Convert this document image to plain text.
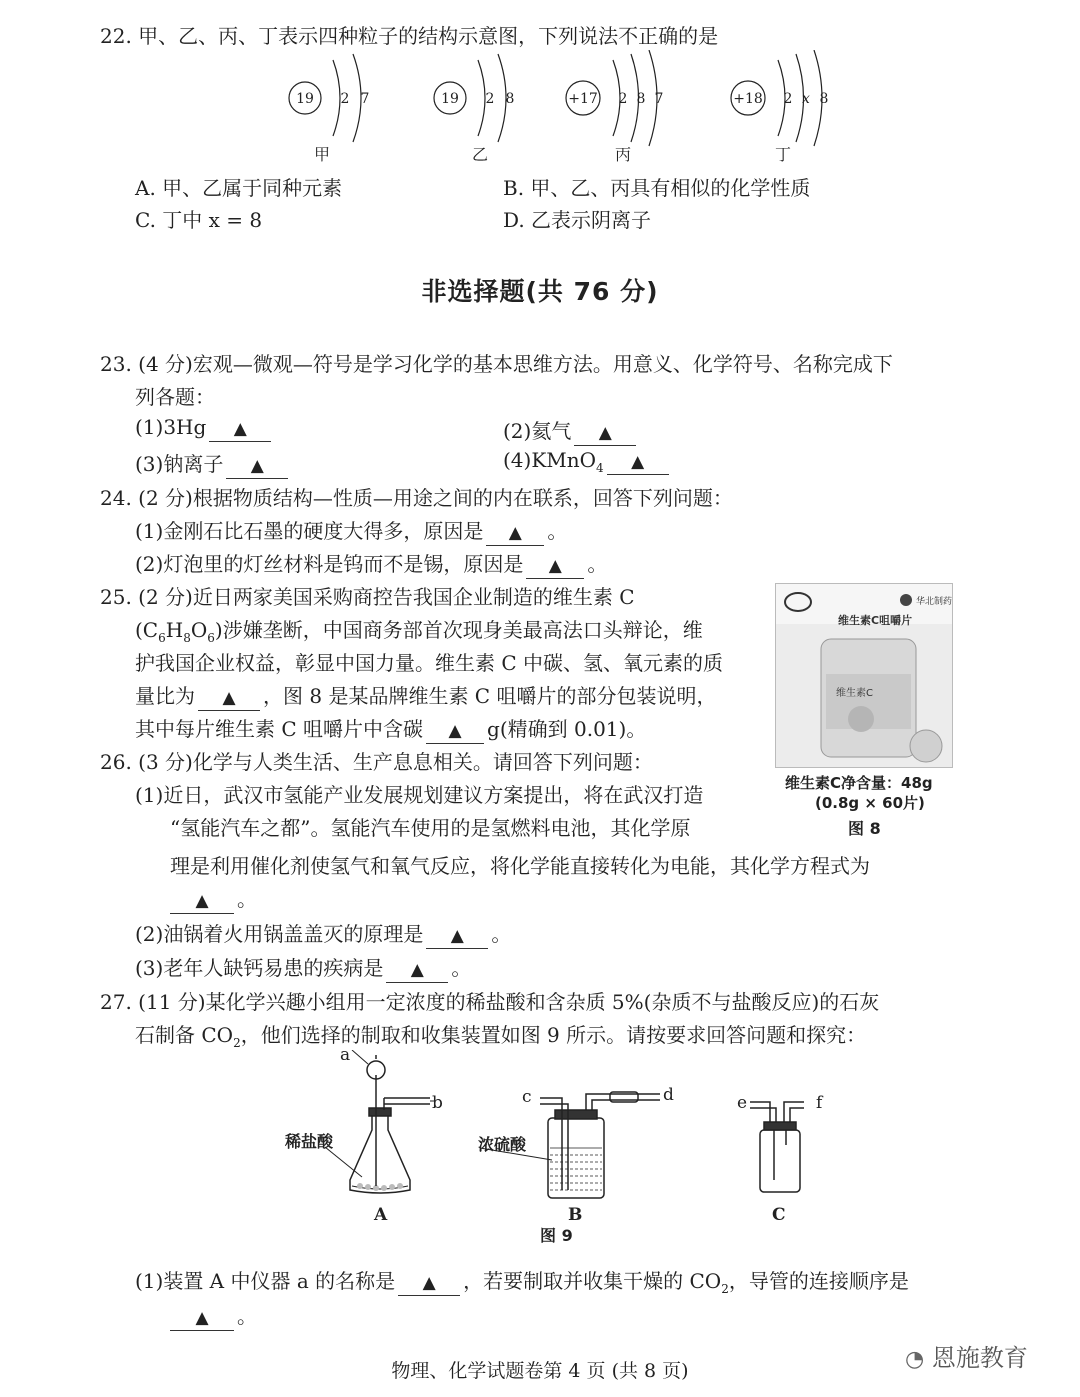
22. 甲、乙、丙、丁表示四种粒子的结构示意图，下列说法不正确的是
19 2 7	19 2 8	+17 2 8 7	+18 2 x 8
甲	乙	丙	丁
A. 甲、乙属于同种元素	B. 甲、乙、丙具有相似的化学性质
C. 丁中 x = 8	D. 乙表示阴离子
非选择题(共 76 分)
23. (4 分)宏观—微观—符号是学习化学的基本思维方法。用意义、化学符号、名称完成下
列各题：
(1)3Hg ▲	(2)氦气 ▲
(3)钠离子 ▲	(4)KMnO$_4$ ▲
24. (2 分)根据物质结构—性质—用途之间的内在联系，回答下列问题：
(1)金刚石比石墨的硬度大得多，原因是 ▲ 。
(2)灯泡里的灯丝材料是钨而不是锡，原因是 ▲ 。
25. (2 分)近日两家美国采购商控告我国企业制造的维生素 C
$(C_6H_8O_6)$涉嫌垄断，中国商务部首次现身美最高法口头辩论，维
护我国企业权益，彰显中国力量。维生素 C 中碳、氢、氧元素的质
量比为 ▲ ，图 8 是某品牌维生素 C 咀嚼片的部分包装说明，
其中每片维生素 C 咀嚼片中含碳 ▲ g(精确到 0.01)。
华北制药
维生素C咀嚼片
维生素C
维生素C净含量：48g
(0.8g × 60片)
图 8
26. (3 分)化学与人类生活、生产息息相关。请回答下列问题：
(1)近日，武汉市氢能产业发展规划建议方案提出，将在武汉打造
“氢能汽车之都”。氢能汽车使用的是氢燃料电池，其化学原
理是利用催化剂使氢气和氧气反应，将化学能直接转化为电能，其化学方程式为
▲ 。
(2)油锅着火用锅盖盖灭的原理是 ▲ 。
(3)老年人缺钙易患的疾病是 ▲ 。
27. (11 分)某化学兴趣小组用一定浓度的稀盐酸和含杂质 5%(杂质不与盐酸反应)的石灰
石制备 $CO_2$，他们选择的制取和收集装置如图 9 所示。请按要求回答问题和探究：
a
b	c	d	e	f
稀盐酸	浓硫酸
A	B	C
图 9
(1)装置 A 中仪器 a 的名称是 ▲ ，若要制取并收集干燥的 $CO_2$，导管的连接顺序是
▲ 。
◔ 恩施教育
物理、化学试题卷第 4 页 (共 8 页)
